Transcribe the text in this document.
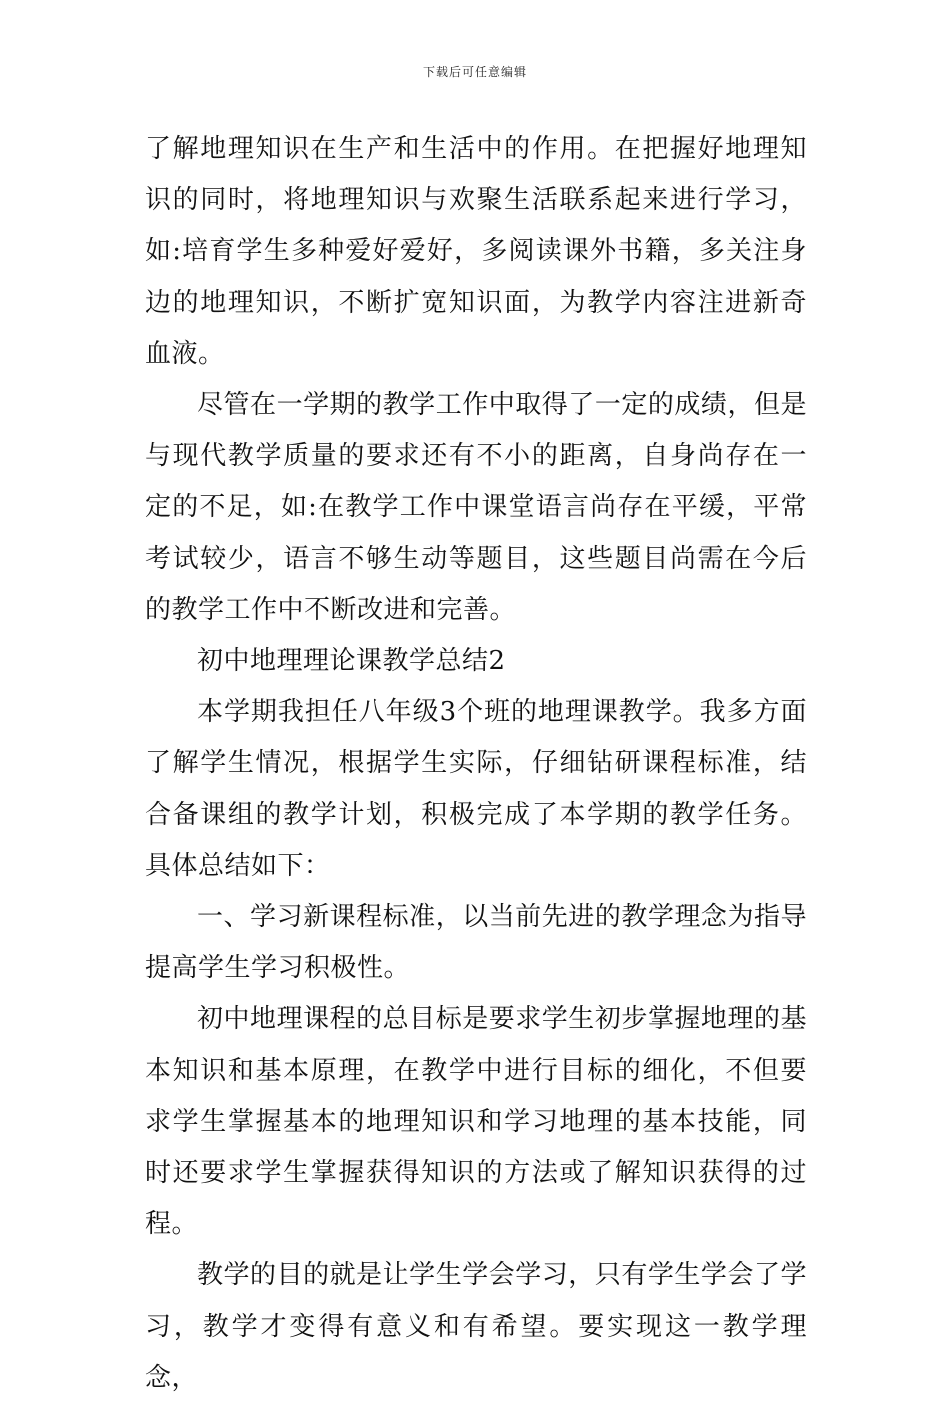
下载后可任意编辑

了解地理知识在生产和生活中的作用。在把握好地理知识的同时，将地理知识与欢聚生活联系起来进行学习，如:培育学生多种爱好爱好，多阅读课外书籍，多关注身边的地理知识，不断扩宽知识面，为教学内容注进新奇血液。

尽管在一学期的教学工作中取得了一定的成绩，但是与现代教学质量的要求还有不小的距离，自身尚存在一定的不足，如:在教学工作中课堂语言尚存在平缓，平常考试较少，语言不够生动等题目，这些题目尚需在今后的教学工作中不断改进和完善。

初中地理理论课教学总结2

本学期我担任八年级3个班的地理课教学。我多方面了解学生情况，根据学生实际，仔细钻研课程标准，结合备课组的教学计划，积极完成了本学期的教学任务。具体总结如下：

一、学习新课程标准，以当前先进的教学理念为指导提高学生学习积极性。

初中地理课程的总目标是要求学生初步掌握地理的基本知识和基本原理，在教学中进行目标的细化，不但要求学生掌握基本的地理知识和学习地理的基本技能，同时还要求学生掌握获得知识的方法或了解知识获得的过程。

教学的目的就是让学生学会学习，只有学生学会了学习，教学才变得有意义和有希望。要实现这一教学理念，
